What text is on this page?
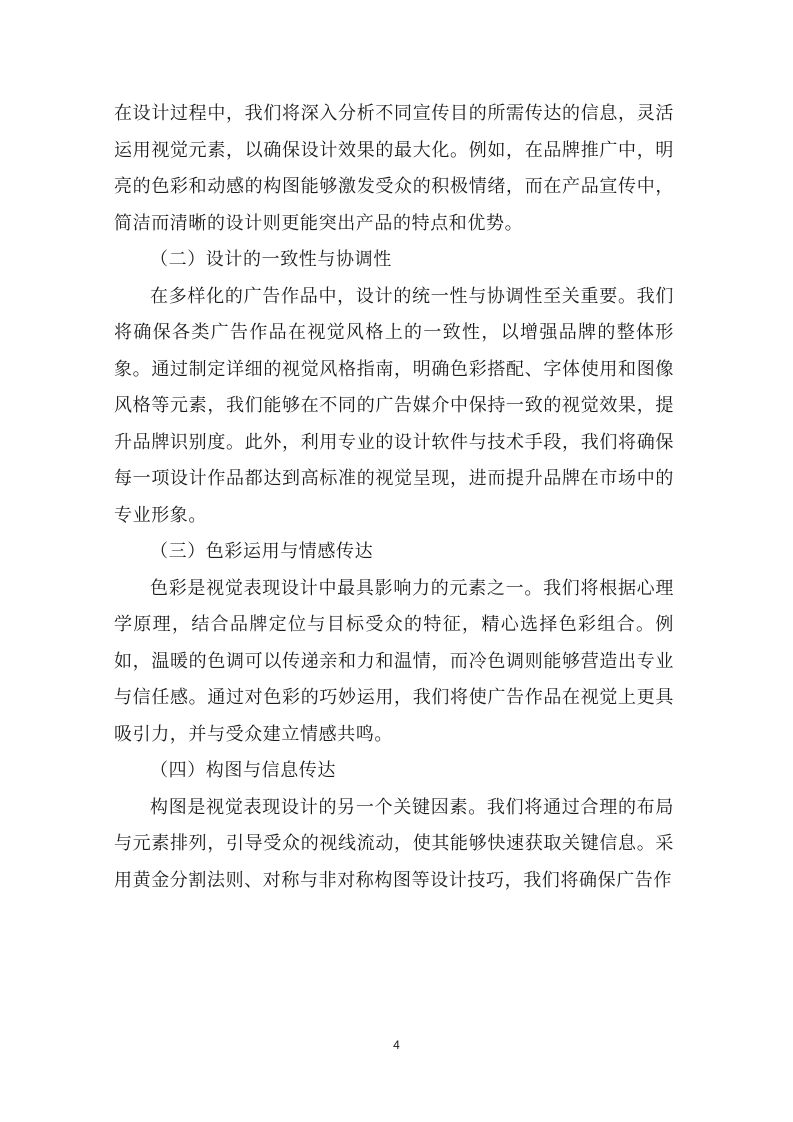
在设计过程中，我们将深入分析不同宣传目的所需传达的信息，灵活运用视觉元素，以确保设计效果的最大化。例如，在品牌推广中，明亮的色彩和动感的构图能够激发受众的积极情绪，而在产品宣传中，简洁而清晰的设计则更能突出产品的特点和优势。

（二）设计的一致性与协调性

在多样化的广告作品中，设计的统一性与协调性至关重要。我们将确保各类广告作品在视觉风格上的一致性，以增强品牌的整体形象。通过制定详细的视觉风格指南，明确色彩搭配、字体使用和图像风格等元素，我们能够在不同的广告媒介中保持一致的视觉效果，提升品牌识别度。此外，利用专业的设计软件与技术手段，我们将确保每一项设计作品都达到高标准的视觉呈现，进而提升品牌在市场中的专业形象。

（三）色彩运用与情感传达

色彩是视觉表现设计中最具影响力的元素之一。我们将根据心理学原理，结合品牌定位与目标受众的特征，精心选择色彩组合。例如，温暖的色调可以传递亲和力和温情，而冷色调则能够营造出专业与信任感。通过对色彩的巧妙运用，我们将使广告作品在视觉上更具吸引力，并与受众建立情感共鸣。

（四）构图与信息传达

构图是视觉表现设计的另一个关键因素。我们将通过合理的布局与元素排列，引导受众的视线流动，使其能够快速获取关键信息。采用黄金分割法则、对称与非对称构图等设计技巧，我们将确保广告作

4
